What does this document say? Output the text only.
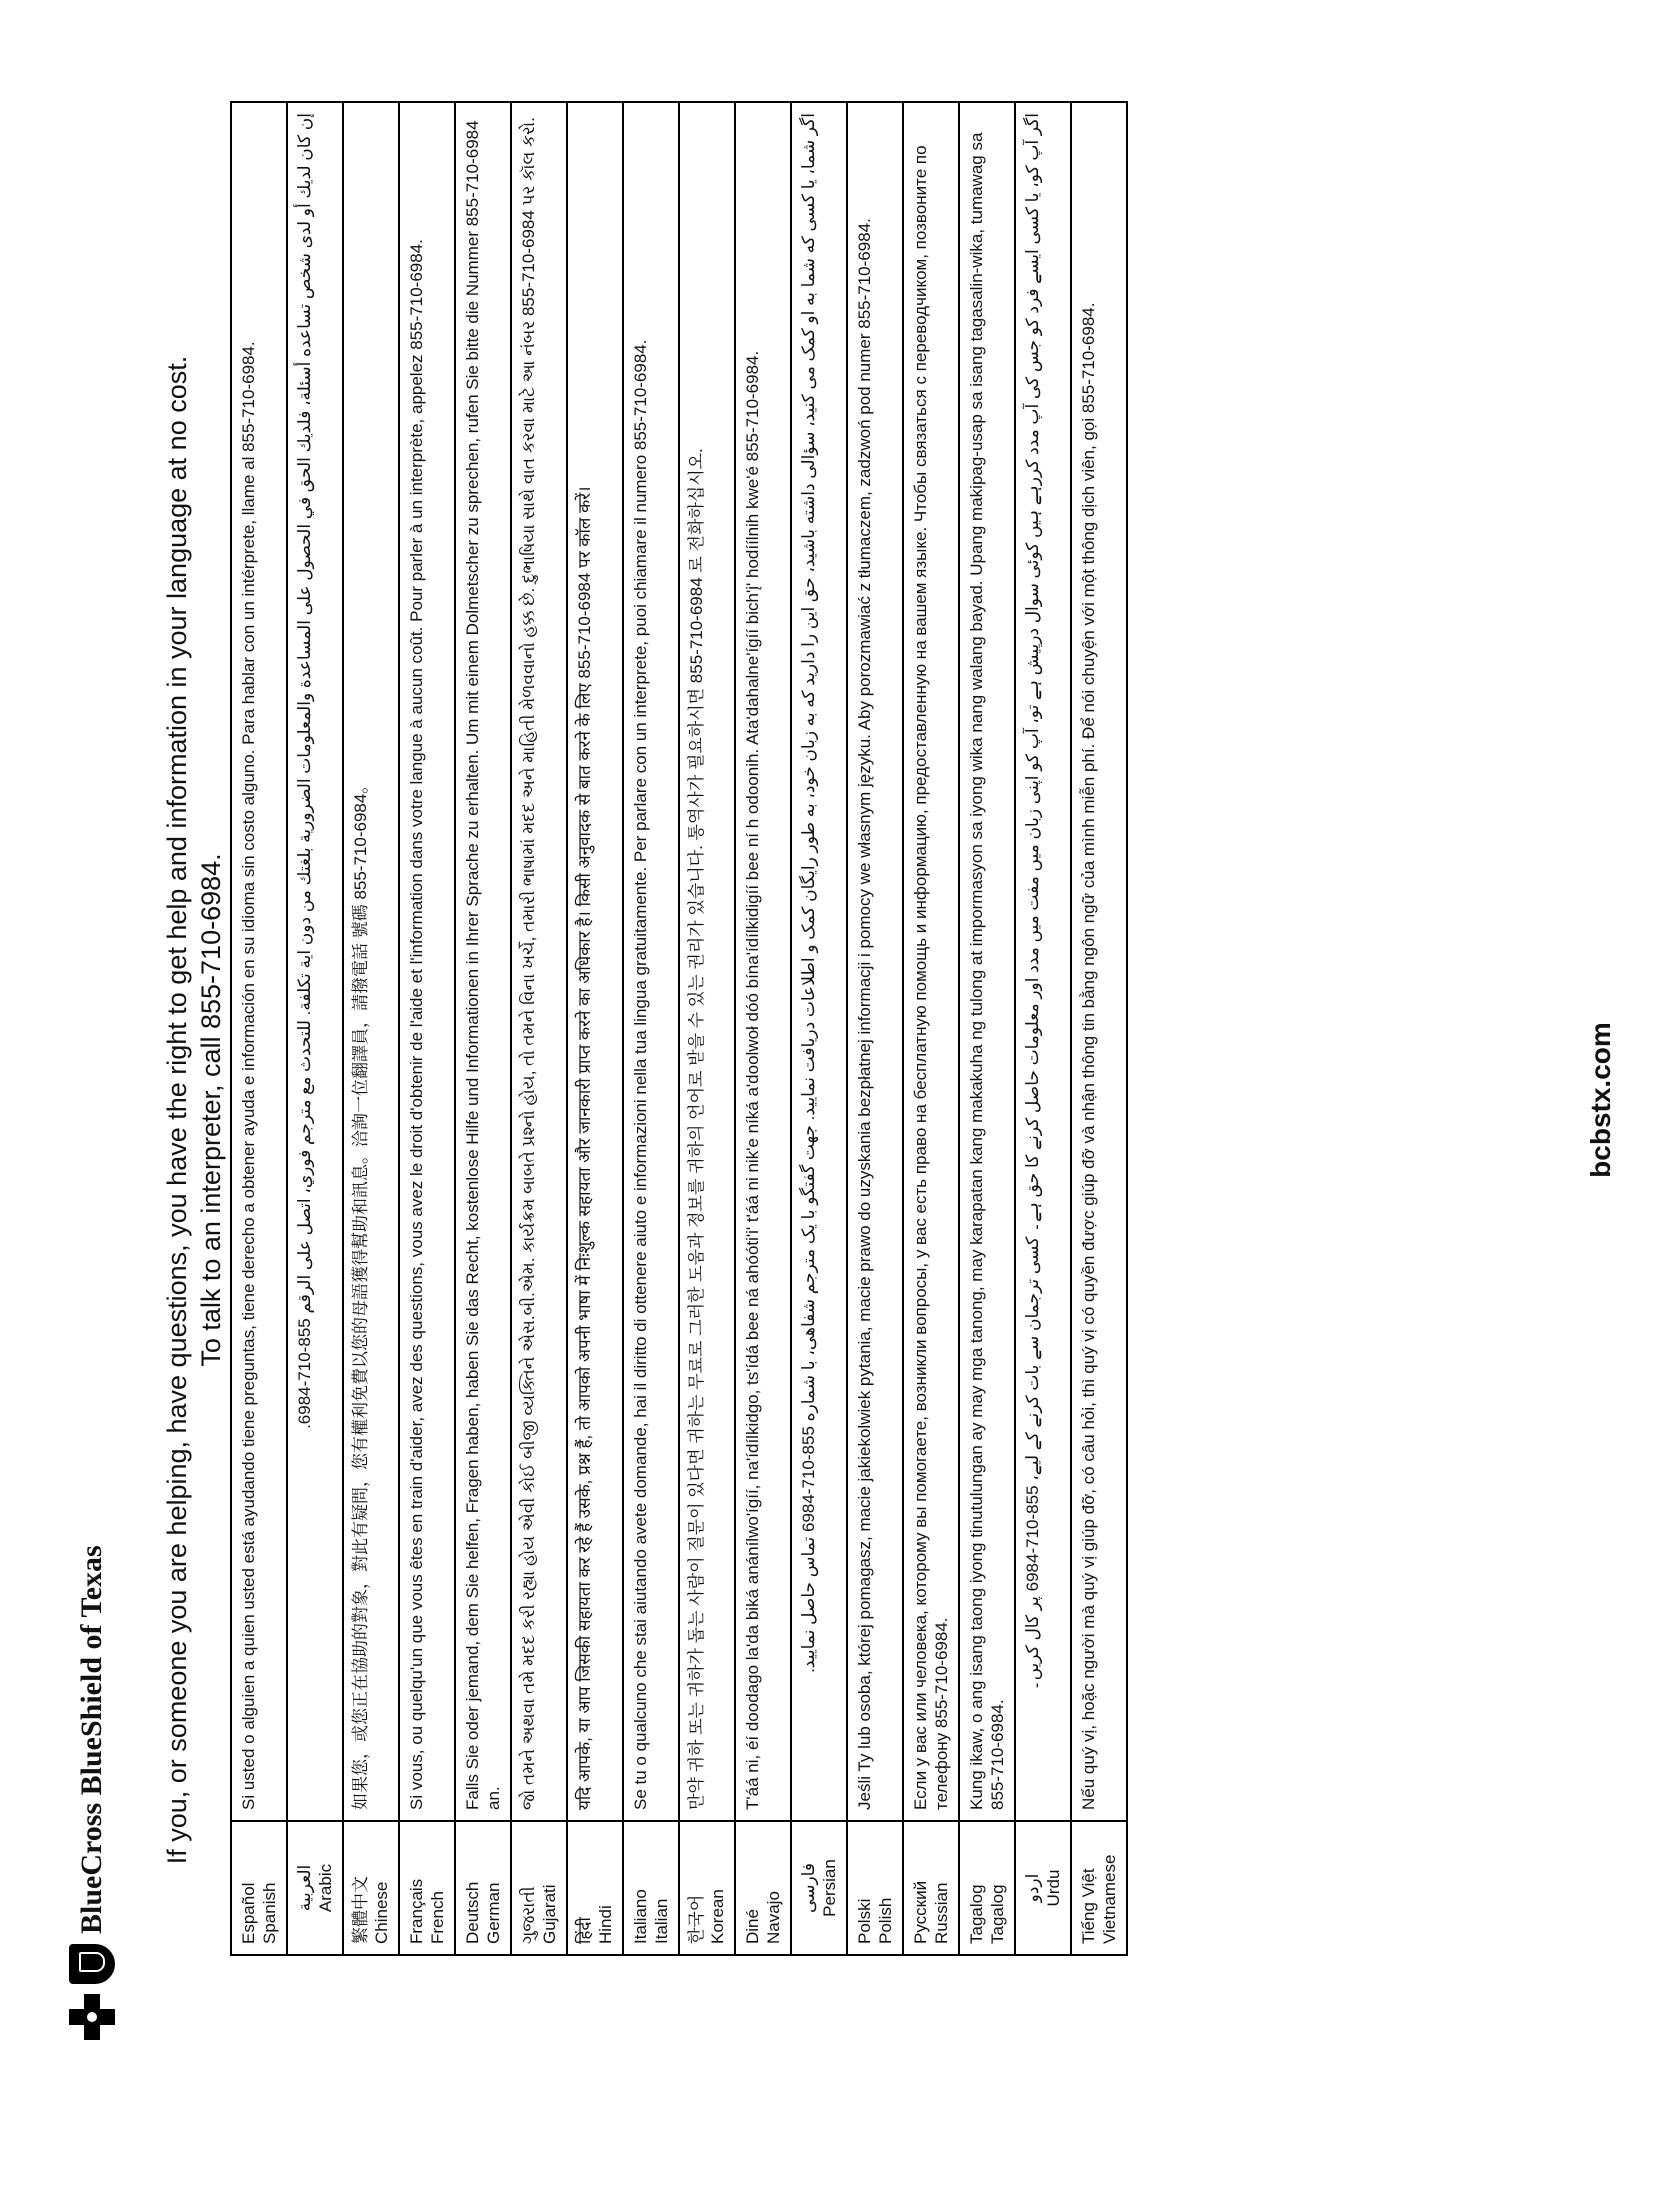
BlueCross BlueShield of Texas If you, or someone you are helping, have questions, you have the right to get help and information in your language at no cost. To talk to an interpreter, call 855-710-6984.
Español Spanish	Si usted o alguien a quien usted está ayudando tiene preguntas, tiene derecho a obtener ayuda e información en su idioma sin costo alguno. Para hablar con un intérprete, llame al 855-710-6984.

العربية Arabic	إن كان لديك أو لدى شخص تساعده أسئلة، فلديك الحق في الحصول على المساعدة والمعلومات الضرورية بلغتك من دون اية تكلفة. للتحدث مع مترجم فوري، اتصل على الرقم 855-710-6984.

繁體中文 Chinese	如果您，或您正在協助的對象，對此有疑問，您有權利免費以您的母語獲得幫助和訊息。洽詢一位翻譯員，請撥電話 號碼 855-710-6984。

Français French	Si vous, ou quelqu'un que vous êtes en train d'aider, avez des questions, vous avez le droit d'obtenir de l'aide et l'information dans votre langue à aucun coût. Pour parler à un interprète, appelez 855-710-6984.

Deutsch German	Falls Sie oder jemand, dem Sie helfen, Fragen haben, haben Sie das Recht, kostenlose Hilfe und Informationen in Ihrer Sprache zu erhalten. Um mit einem Dolmetscher zu sprechen, rufen Sie bitte die Nummer 855-710-6984 an.

ગુજરાતી Gujarati	જો તમને અથવા તમે મદદ કરી રહ્યા હોય એવી કોઈ બીજી વ્યક્તિને એસ.બી.એમ. કાર્યક્રમ બાબતે પ્રશ્નો હોય, તો તમને વિના ખર્ચે, તમારી ભાષામાં મદદ અને માહિતી મેળવવાનો હક્ક છે. દુભાષિયા સાથે વાત કરવા માટે આ નંબર 855-710-6984 પર કૉલ કરો.

हिंदी Hindi	यदि आपके, या आप जिसकी सहायता कर रहे हैं उसके, प्रश्न हैं, तो आपको अपनी भाषा में निःशुल्क सहायता और जानकारी प्राप्त करने का अधिकार है। किसी अनुवादक से बात करने के लिए 855-710-6984 पर कॉल करें।

Italiano Italian	Se tu o qualcuno che stai aiutando avete domande, hai il diritto di ottenere aiuto e informazioni nella tua lingua gratuitamente. Per parlare con un interprete, puoi chiamare il numero 855-710-6984.

한국어 Korean	만약 귀하 또는 귀하가 돕는 사람이 질문이 있다면 귀하는 무료로 그러한 도움과 정보를 귀하의 언어로 받을 수 있는 권리가 있습니다. 통역사가 필요하시면 855-710-6984 로 전화하십시오.

Diné Navajo	T'áá ni, éí doodago la'da biká anánílwo'ígíí, na'ídílkidgo, ts'ídá bee ná ahóóti'i' t'áá ni nik'e níká a'doolwoł dóó bína'ídílkidigíí bee ní h odoonih. Ata'dahalne'ígíí bich'į' hodíílnih kwe'é 855-710-6984.

فارسی Persian	اگر شما، یا کسی که شما به او کمک می کنید، سؤالی داشته باشید، حق این را دارید که به زبان خود، به طور رایگان کمک و اطلاعات دریافت نمایید. جهت گفتگو با یک مترجم شفاهی، با شماره 855-710-6984 تماس حاصل نمایید.

Polski Polish	Jeśli Ty lub osoba, której pomagasz, macie jakiekolwiek pytania, macie prawo do uzyskania bezpłatnej informacji i pomocy we własnym języku. Aby porozmawiać z tłumaczem, zadzwoń pod numer 855-710-6984.

Русский Russian	Если у вас или человека, которому вы помогаете, возникли вопросы, у вас есть право на бесплатную помощь и информацию, предоставленную на вашем языке. Чтобы связаться с переводчиком, позвоните по телефону 855-710-6984.

Tagalog Tagalog	Kung ikaw, o ang isang taong iyong tinutulungan ay may mga tanong, may karapatan kang makakuha ng tulong at impormasyon sa iyong wika nang walang bayad. Upang makipag-usap sa isang tagasalin-wika, tumawag sa 855-710-6984.

اردو Urdu	اگر آپ کو، یا کسی ایسے فرد کو جس کی آپ مدد کررہے ہیں کوئی سوال درپیش ہے تو، آپ کو اپنی زبان میں مفت میں مدد اور معلومات حاصل کرنے کا حق ہے۔ کسی ترجمان سے بات کرنے کے لیے، 855-710-6984 پر کال کریں۔

Tiếng Việt Vietnamese	Nếu quý vị, hoặc người mà quý vị giúp đỡ, có câu hỏi, thì quý vị có quyền được giúp đỡ và nhận thông tin bằng ngôn ngữ của mình miễn phí. Để nói chuyện với một thông dịch viên, gọi 855-710-6984.	bcbstx.com
